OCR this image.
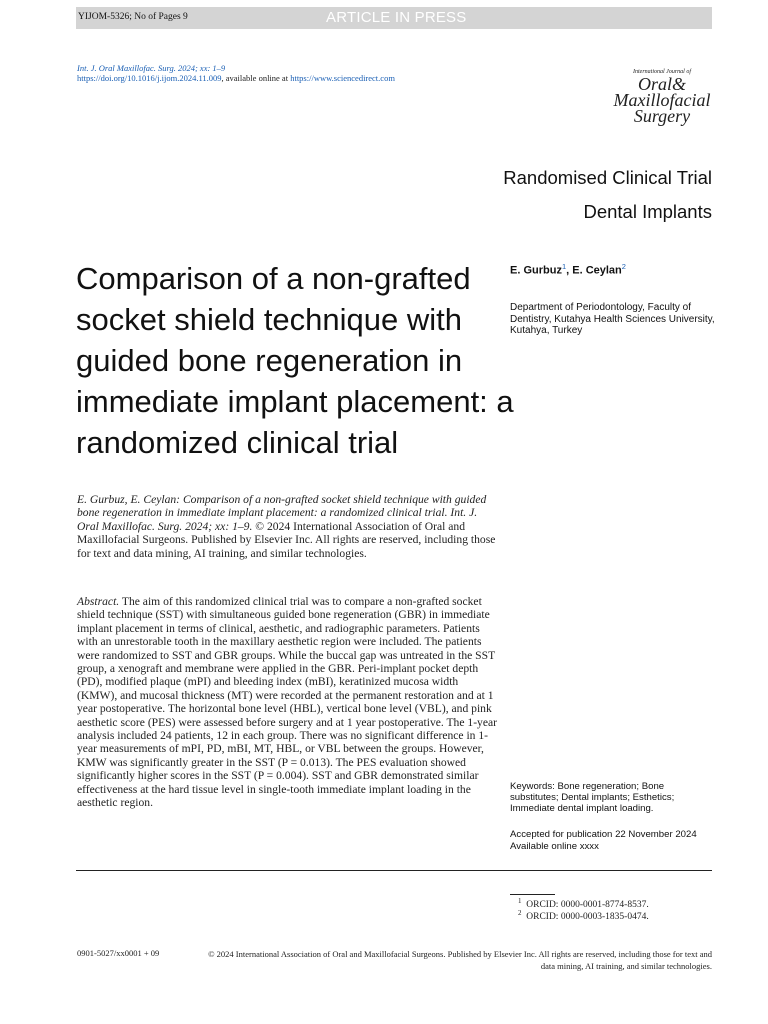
YIJOM-5326; No of Pages 9	ARTICLE IN PRESS
Int. J. Oral Maxillofac. Surg. 2024; xx: 1–9
https://doi.org/10.1016/j.ijom.2024.11.009, available online at https://www.sciencedirect.com
International Journal of
Oral&
Maxillofacial
Surgery
Randomised Clinical Trial
Dental Implants
Comparison of a non-grafted socket shield technique with guided bone regeneration in immediate implant placement: a randomized clinical trial
E. Gurbuz$^1$, E. Ceylan$^2$
Department of Periodontology, Faculty of Dentistry, Kutahya Health Sciences University, Kutahya, Turkey
E. Gurbuz, E. Ceylan: Comparison of a non-grafted socket shield technique with guided bone regeneration in immediate implant placement: a randomized clinical trial. Int. J. Oral Maxillofac. Surg. 2024; xx: 1–9. © 2024 International Association of Oral and Maxillofacial Surgeons. Published by Elsevier Inc. All rights are reserved, including those for text and data mining, AI training, and similar technologies.
Abstract. The aim of this randomized clinical trial was to compare a non-grafted socket shield technique (SST) with simultaneous guided bone regeneration (GBR) in immediate implant placement in terms of clinical, aesthetic, and radiographic parameters. Patients with an unrestorable tooth in the maxillary aesthetic region were included. The patients were randomized to SST and GBR groups. While the buccal gap was untreated in the SST group, a xenograft and membrane were applied in the GBR. Peri-implant pocket depth (PD), modified plaque (mPI) and bleeding index (mBI), keratinized mucosa width (KMW), and mucosal thickness (MT) were recorded at the permanent restoration and at 1 year postoperative. The horizontal bone level (HBL), vertical bone level (VBL), and pink aesthetic score (PES) were assessed before surgery and at 1 year postoperative. The 1-year analysis included 24 patients, 12 in each group. There was no significant difference in 1-year measurements of mPI, PD, mBI, MT, HBL, or VBL between the groups. However, KMW was significantly greater in the SST (P = 0.013). The PES evaluation showed significantly higher scores in the SST (P = 0.004). SST and GBR demonstrated similar effectiveness at the hard tissue level in single-tooth immediate implant loading in the aesthetic region.
Keywords: Bone regeneration; Bone substitutes; Dental implants; Esthetics; Immediate dental implant loading.
Accepted for publication 22 November 2024
Available online xxxx
$^1$ ORCID: 0000-0001-8774-8537.
$^2$ ORCID: 0000-0003-1835-0474.
0901-5027/xx0001 + 09	© 2024 International Association of Oral and Maxillofacial Surgeons. Published by Elsevier Inc. All rights are reserved, including those for text and data mining, AI training, and similar technologies.
